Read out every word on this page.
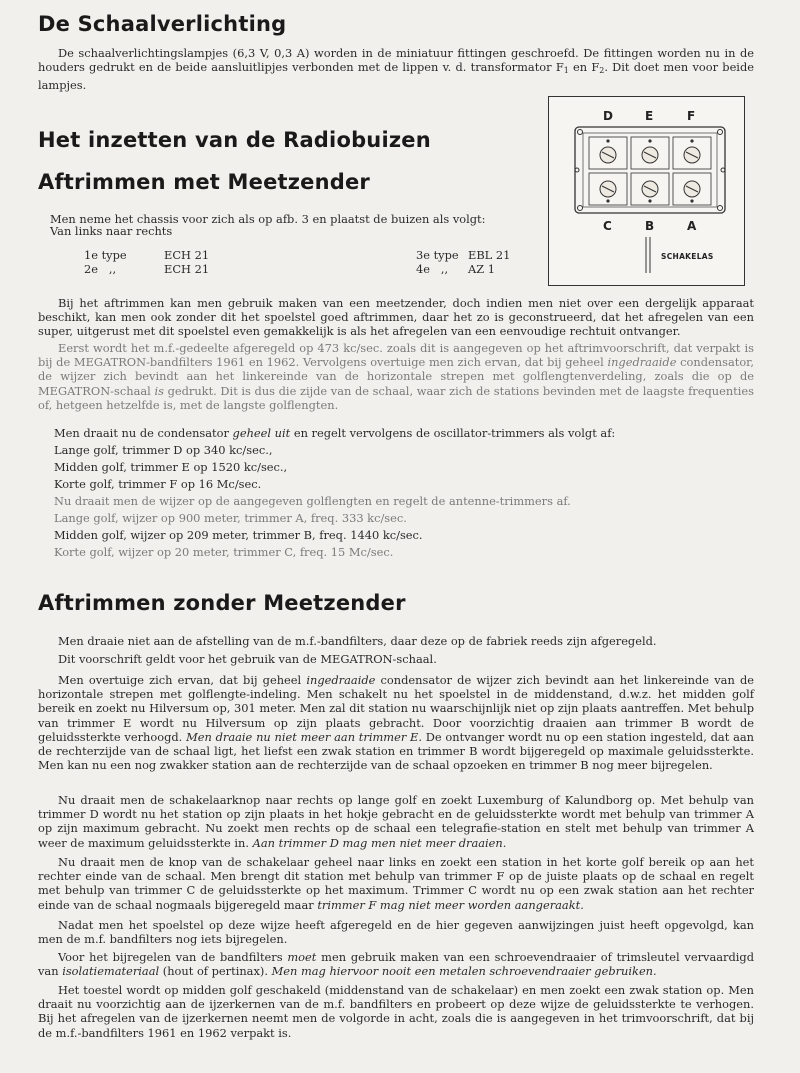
De Schaalverlichting

De schaalverlichtingslampjes (6,3 V, 0,3 A) worden in de miniatuur fittingen geschroefd. De fittingen worden nu in de houders gedrukt en de beide aansluitlipjes verbonden met de lippen v. d. transformator $F_1$ en $F_2$. Dit doet men voor beide lampjes.

Het inzetten van de Radiobuizen
Aftrimmen met Meetzender
Men neme het chassis voor zich als op afb. 3 en plaatst de buizen als volgt:
Van links naar rechts
1e type	ECH 21
2e   ,,	ECH 21
3e type EBL 21
4e   ,, AZ 1
D	E	F
C	B	A
SCHAKELAS

Bij het aftrimmen kan men gebruik maken van een meetzender, doch indien men niet over een dergelijk apparaat beschikt, kan men ook zonder dit het spoelstel goed aftrimmen, daar het zo is geconstrueerd, dat het afregelen van een super, uitgerust met dit spoelstel even gemakkelijk is als het afregelen van een eenvoudige rechtuit ontvanger.

Eerst wordt het m.f.-gedeelte afgeregeld op 473 kc/sec. zoals dit is aangegeven op het aftrimvoorschrift, dat verpakt is bij de MEGATRON-bandfilters 1961 en 1962. Vervolgens overtuige men zich ervan, dat bij geheel ingedraaide condensator, de wijzer zich bevindt aan het linkereinde van de horizontale strepen met golflengtenverdeling, zoals die op de MEGATRON-schaal is gedrukt. Dit is dus die zijde van de schaal, waar zich de stations bevinden met de laagste frequenties of, hetgeen hetzelfde is, met de langste golflengten.

Men draait nu de condensator geheel uit en regelt vervolgens de oscillator-trimmers als volgt af:
Lange golf, trimmer D op 340 kc/sec.,
Midden golf, trimmer E op 1520 kc/sec.,
Korte golf, trimmer F op 16 Mc/sec.
Nu draait men de wijzer op de aangegeven golflengten en regelt de antenne-trimmers af.
Lange golf, wijzer op 900 meter, trimmer A, freq. 333 kc/sec.
Midden golf, wijzer op 209 meter, trimmer B, freq. 1440 kc/sec.
Korte golf, wijzer op 20 meter, trimmer C, freq. 15 Mc/sec.
Aftrimmen zonder Meetzender

Men draaie niet aan de afstelling van de m.f.-bandfilters, daar deze op de fabriek reeds zijn afgeregeld.

Dit voorschrift geldt voor het gebruik van de MEGATRON-schaal.

Men overtuige zich ervan, dat bij geheel ingedraaide condensator de wijzer zich bevindt aan het linkereinde van de horizontale strepen met golflengte-indeling. Men schakelt nu het spoelstel in de middenstand, d.w.z. het midden golf bereik en zoekt nu Hilversum op, 301 meter. Men zal dit station nu waarschijnlijk niet op zijn plaats aantreffen. Met behulp van trimmer E wordt nu Hilversum op zijn plaats gebracht. Door voorzichtig draaien aan trimmer B wordt de geluidssterkte verhoogd. Men draaie nu niet meer aan trimmer E. De ontvanger wordt nu op een station ingesteld, dat aan de rechterzijde van de schaal ligt, het liefst een zwak station en trimmer B wordt bijgeregeld op maximale geluidssterkte. Men kan nu een nog zwakker station aan de rechterzijde van de schaal opzoeken en trimmer B nog meer bijregelen.

Nu draait men de schakelaarknop naar rechts op lange golf en zoekt Luxemburg of Kalundborg op. Met behulp van trimmer D wordt nu het station op zijn plaats in het hokje gebracht en de geluidssterkte wordt met behulp van trimmer A op zijn maximum gebracht. Nu zoekt men rechts op de schaal een telegrafie-station en stelt met behulp van trimmer A weer de maximum geluidssterkte in. Aan trimmer D mag men niet meer draaien.

Nu draait men de knop van de schakelaar geheel naar links en zoekt een station in het korte golf bereik op aan het rechter einde van de schaal. Men brengt dit station met behulp van trimmer F op de juiste plaats op de schaal en regelt met behulp van trimmer C de geluidssterkte op het maximum. Trimmer C wordt nu op een zwak station aan het rechter einde van de schaal nogmaals bijgeregeld maar trimmer F mag niet meer worden aangeraakt.

Nadat men het spoelstel op deze wijze heeft afgeregeld en de hier gegeven aanwijzingen juist heeft opgevolgd, kan men de m.f. bandfilters nog iets bijregelen.

Voor het bijregelen van de bandfilters moet men gebruik maken van een schroevendraaier of trimsleutel vervaardigd van isolatiemateriaal (hout of pertinax). Men mag hiervoor nooit een metalen schroevendraaier gebruiken.

Het toestel wordt op midden golf geschakeld (middenstand van de schakelaar) en men zoekt een zwak station op. Men draait nu voorzichtig aan de ijzerkernen van de m.f. bandfilters en probeert op deze wijze de geluidssterkte te verhogen. Bij het afregelen van de ijzerkernen neemt men de volgorde in acht, zoals die is aangegeven in het trimvoorschrift, dat bij de m.f.-bandfilters 1961 en 1962 verpakt is.
